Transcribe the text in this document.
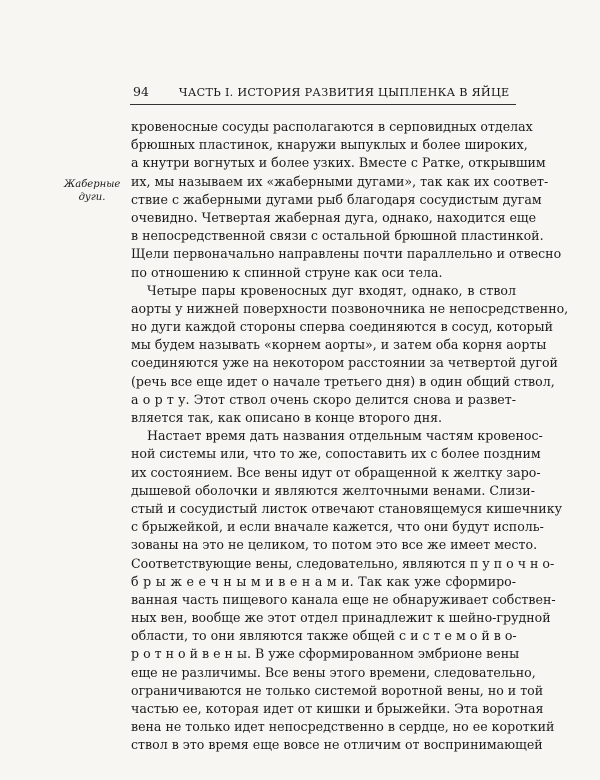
94	ЧАСТЬ I. ИСТОРИЯ РАЗВИТИЯ ЦЫПЛЕНКА В ЯЙЦЕ
Жаберные
дуги.
кровеносные сосуды располагаются в серповидных отделах
брюшных пластинок, кнаружи выпуклых и более широких,
а кнутри вогнутых и более узких. Вместе с Ратке, открывшим
их, мы называем их «жаберными дугами», так как их соответ-
ствие с жаберными дугами рыб благодаря сосудистым дугам
очевидно. Четвертая жаберная дуга, однако, находится еще
в непосредственной связи с остальной брюшной пластинкой.
Щели первоначально направлены почти параллельно и отвесно
по отношению к спинной струне как оси тела.
Четыре пары кровеносных дуг входят, однако, в ствол
аорты у нижней поверхности позвоночника не непосредственно,
но дуги каждой стороны сперва соединяются в сосуд, который
мы будем называть «корнем аорты», и затем оба корня аорты
соединяются уже на некотором расстоянии за четвертой дугой
(речь все еще идет о начале третьего дня) в один общий ствол,
а о р т у. Этот ствол очень скоро делится снова и развет-
вляется так, как описано в конце второго дня.
Настает время дать названия отдельным частям кровенос-
ной системы или, что то же, сопоставить их с более поздним
их состоянием. Все вены идут от обращенной к желтку заро-
дышевой оболочки и являются желточными венами. Слизи-
стый и сосудистый листок отвечают становящемуся кишечнику
с брыжейкой, и если вначале кажется, что они будут исполь-
зованы на это не целиком, то потом это все же имеет место.
Соответствующие вены, следовательно, являются п у п о ч н о-
б р ы ж е е ч н ы м и в е н а м и. Так как уже сформиро-
ванная часть пищевого канала еще не обнаруживает собствен-
ных вен, вообще же этот отдел принадлежит к шейно-грудной
области, то они являются также общей с и с т е м о й в о-
р о т н о й в е н ы. В уже сформированном эмбрионе вены
еще не различимы. Все вены этого времени, следовательно,
ограничиваются не только системой воротной вены, но и той
частью ее, которая идет от кишки и брыжейки. Эта воротная
вена не только идет непосредственно в сердце, но ее короткий
ствол в это время еще вовсе не отличим от воспринимающей
